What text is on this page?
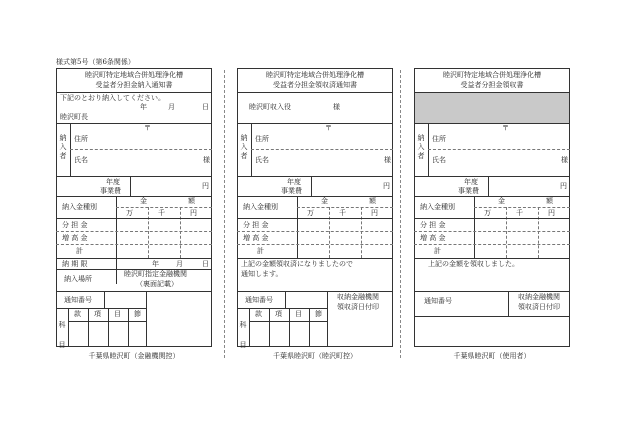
様式第5号（第6条関係）
睦沢町特定地域合併処理浄化槽
受益者分担金納入通知書
下記のとおり納入してください。
年	月	日
睦沢町長
納入者
〒
住所
氏名	様
年度
事業費
円
納入金種別
金	額
万	千	円
分 担 金
増 高 金
計
納 期 限	年 月	日
納入場所
睦沢町指定金融機関
（裏面記載）
通知番号
科目
款 項 目 節
千葉県睦沢町（金融機関控）
睦沢町特定地域合併処理浄化槽
受益者分担金領収済通知書
睦沢町収入役	様
納入者
〒
住所
氏名	様
年度
事業費
円
納入金種別
金	額
万	千	円
分 担 金
増 高 金
計
上記の金額領収済になりましたので
通知します。
通知番号	収納金融機関
領収済日付印
科目
款 項 目 節
千葉県睦沢町（睦沢町控）
睦沢町特定地域合併処理浄化槽
受益者分担金領収書
納入者
〒
住所
氏名	様
年度
事業費
円
納入金種別
金	額
万	千	円
分 担 金
増 高 金
計
上記の金額を領収しました。
通知番号	収納金融機関
領収済日付印
千葉県睦沢町（使用者）
